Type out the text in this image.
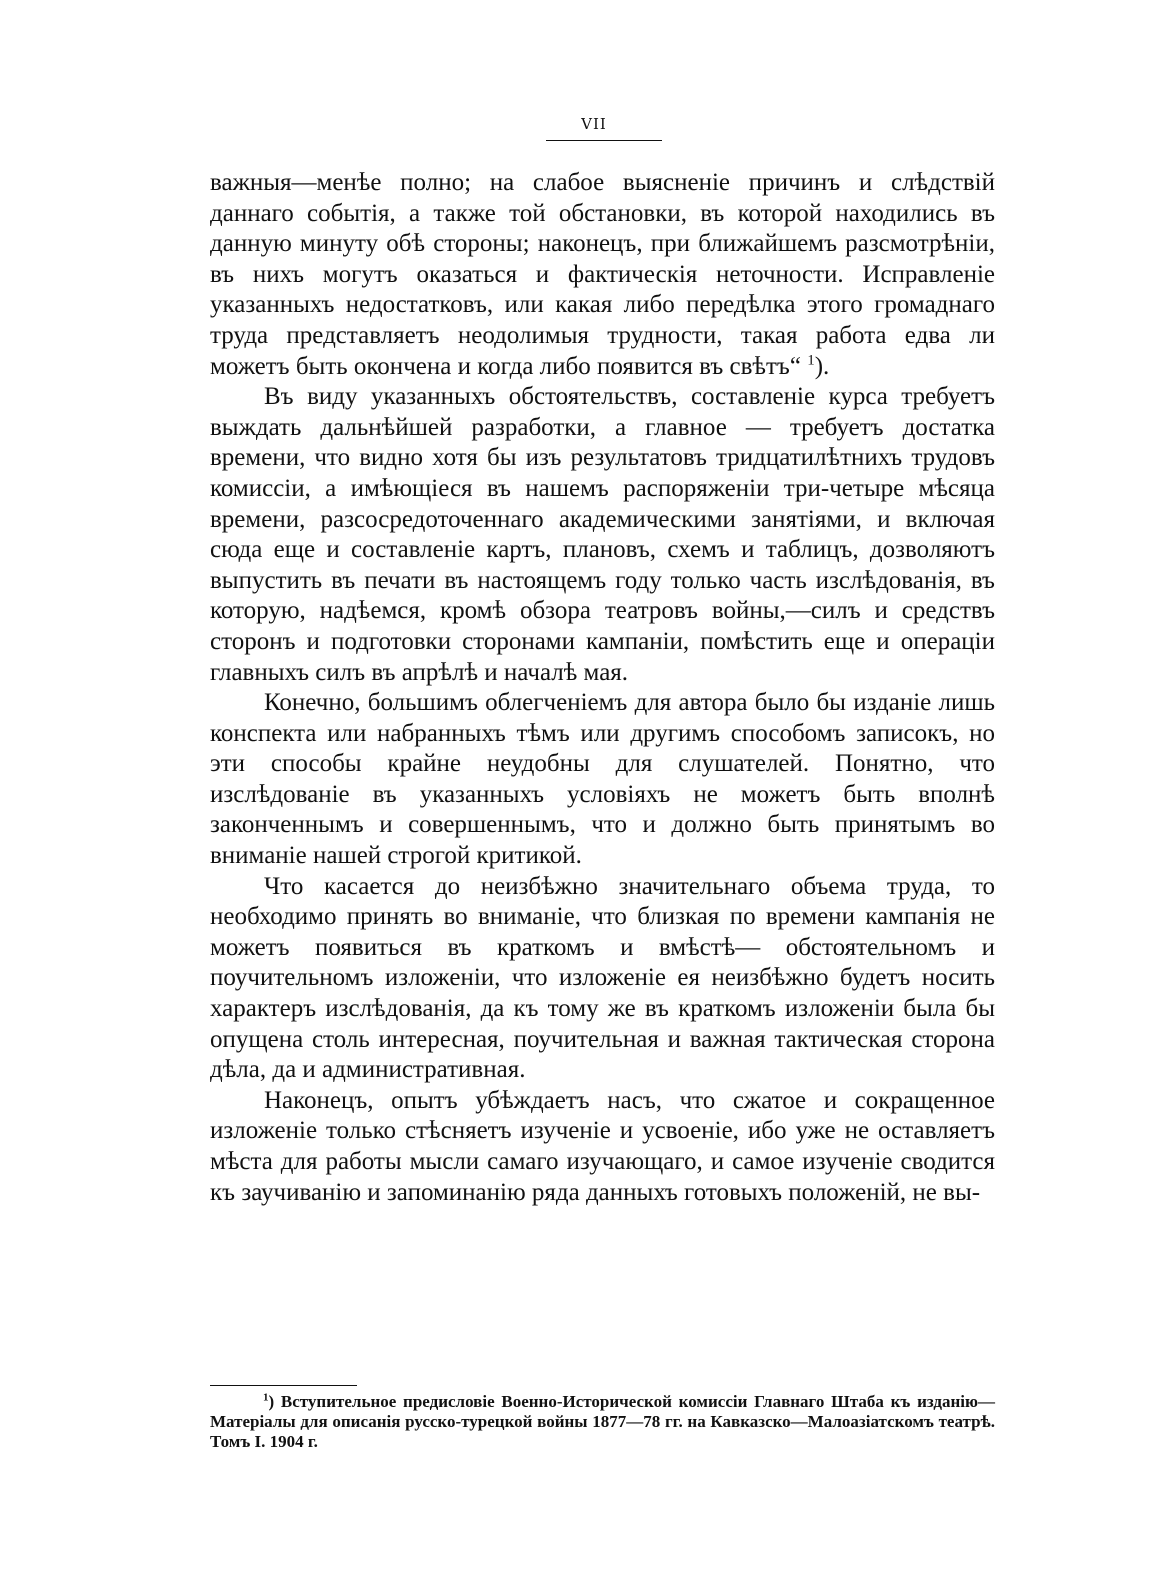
VII

важныя—менѣе полно; на слабое выясненіе причинъ и слѣдствій даннаго событія, а также той обстановки, въ которой находились въ данную минуту обѣ стороны; наконецъ, при ближайшемъ разсмотрѣніи, въ нихъ могутъ оказаться и фактическія неточности. Исправленіе указанныхъ недостатковъ, или какая либо передѣлка этого громаднаго труда представляетъ неодолимыя трудности, такая работа едва ли можетъ быть окончена и когда либо появится въ свѣтъ“ $^1$).

Въ виду указанныхъ обстоятельствъ, составленіе курса требуетъ выждать дальнѣйшей разработки, а главное — требуетъ достатка времени, что видно хотя бы изъ результатовъ тридцатилѣтнихъ трудовъ комиссіи, а имѣющіеся въ нашемъ распоряженіи три-четыре мѣсяца времени, разсосредоточеннаго академическими занятіями, и включая сюда еще и составленіе картъ, плановъ, схемъ и таблицъ, дозволяютъ выпустить въ печати въ настоящемъ году только часть изслѣдованія, въ которую, надѣемся, кромѣ обзора театровъ войны,—силъ и средствъ сторонъ и подготовки сторонами кампаніи, помѣстить еще и операціи главныхъ силъ въ апрѣлѣ и началѣ мая.

Конечно, большимъ облегченіемъ для автора было бы изданіе лишь конспекта или набранныхъ тѣмъ или другимъ способомъ записокъ, но эти способы крайне неудобны для слушателей. Понятно, что изслѣдованіе въ указанныхъ условіяхъ не можетъ быть вполнѣ законченнымъ и совершеннымъ, что и должно быть принятымъ во вниманіе нашей строгой критикой.

Что касается до неизбѣжно значительнаго объема труда, то необходимо принять во вниманіе, что близкая по времени кампанія не можетъ появиться въ краткомъ и вмѣстѣ— обстоятельномъ и поучительномъ изложеніи, что изложеніе ея неизбѣжно будетъ носить характеръ изслѣдованія, да къ тому же въ краткомъ изложеніи была бы опущена столь интересная, поучительная и важная тактическая сторона дѣла, да и административная.

Наконецъ, опытъ убѣждаетъ насъ, что сжатое и сокращенное изложеніе только стѣсняетъ изученіе и усвоеніе, ибо уже не оставляетъ мѣста для работы мысли самаго изучающаго, и самое изученіе сводится къ заучиванію и запоминанію ряда данныхъ готовыхъ положеній, не вы-

$^1$) Вступительное предисловіе Военно-Исторической комиссіи Главнаго Штаба къ изданію—Матеріалы для описанія русско-турецкой войны 1877—78 гг. на Кавказско—Малоазіатскомъ театрѣ. Томъ I. 1904 г.
